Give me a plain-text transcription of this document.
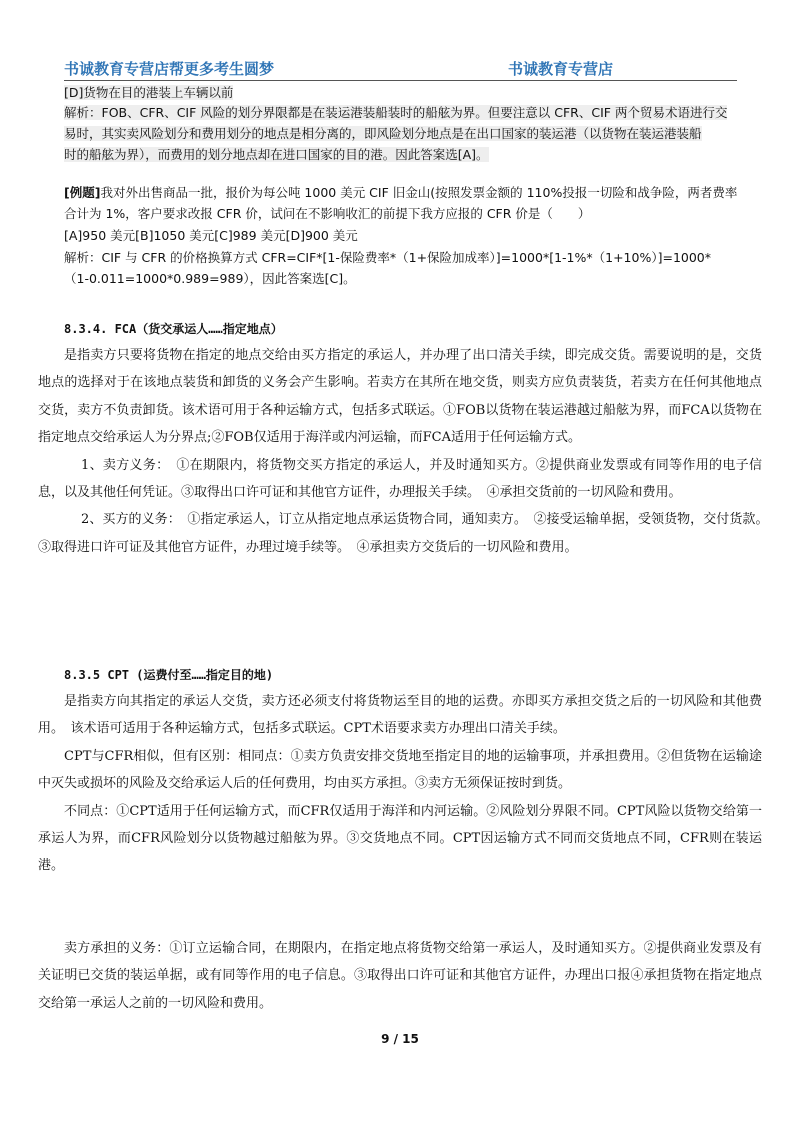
书诚教育专营店帮更多考生圆梦	书诚教育专营店
[D]货物在目的港装上车辆以前
解析：FOB、CFR、CIF 风险的划分界限都是在装运港装船装时的船舷为界。但要注意以 CFR、CIF 两个贸易术语进行交
易时，其实卖风险划分和费用划分的地点是相分离的，即风险划分地点是在出口国家的装运港（以货物在装运港装船
时的船舷为界），而费用的划分地点却在进口国家的目的港。因此答案选[A]。
[例题]我对外出售商品一批，报价为每公吨 1000 美元 CIF 旧金山(按照发票金额的 110%投报一切险和战争险，两者费率
合计为 1%，客户要求改报 CFR 价，试问在不影响收汇的前提下我方应报的 CFR 价是（　　）
[A]950 美元[B]1050 美元[C]989 美元[D]900 美元
解析：CIF 与 CFR 的价格换算方式 CFR=CIF*[1-保险费率*（1+保险加成率）]=1000*[1-1%*（1+10%）]=1000*
（1-0.011=1000*0.989=989），因此答案选[C]。
8.3.4. FCA（货交承运人……指定地点）

是指卖方只要将货物在指定的地点交给由买方指定的承运人，并办理了出口清关手续，即完成交货。需要说明的是，交货地点的选择对于在该地点装货和卸货的义务会产生影响。若卖方在其所在地交货，则卖方应负责装货，若卖方在任何其他地点交货，卖方不负责卸货。该术语可用于各种运输方式，包括多式联运。①FOB以货物在装运港越过船舷为界，而FCA以货物在指定地点交给承运人为分界点;②FOB仅适用于海洋或内河运输，而FCA适用于任何运输方式。

1、卖方义务：　①在期限内，将货物交买方指定的承运人，并及时通知买方。②提供商业发票或有同等作用的电子信息，以及其他任何凭证。③取得出口许可证和其他官方证件，办理报关手续。　④承担交货前的一切风险和费用。

2、买方的义务：　①指定承运人，订立从指定地点承运货物合同，通知卖方。　②接受运输单据，受领货物，交付货款。　③取得进口许可证及其他官方证件，办理过境手续等。　④承担卖方交货后的一切风险和费用。

8.3.5 CPT (运费付至……指定目的地)

是指卖方向其指定的承运人交货，卖方还必须支付将货物运至目的地的运费。亦即买方承担交货之后的一切风险和其他费用。　该术语可适用于各种运输方式，包括多式联运。CPT术语要求卖方办理出口清关手续。

CPT与CFR相似，但有区别：相同点：①卖方负责安排交货地至指定目的地的运输事项，并承担费用。②但货物在运输途中灭失或损坏的风险及交给承运人后的任何费用，均由买方承担。③卖方无须保证按时到货。

不同点：①CPT适用于任何运输方式，而CFR仅适用于海洋和内河运输。②风险划分界限不同。CPT风险以货物交给第一承运人为界，而CFR风险划分以货物越过船舷为界。③交货地点不同。CPT因运输方式不同而交货地点不同，CFR则在装运港。

卖方承担的义务：①订立运输合同，在期限内，在指定地点将货物交给第一承运人，及时通知买方。②提供商业发票及有关证明已交货的装运单据，或有同等作用的电子信息。③取得出口许可证和其他官方证件，办理出口报④承担货物在指定地点交给第一承运人之前的一切风险和费用。

9 / 15
